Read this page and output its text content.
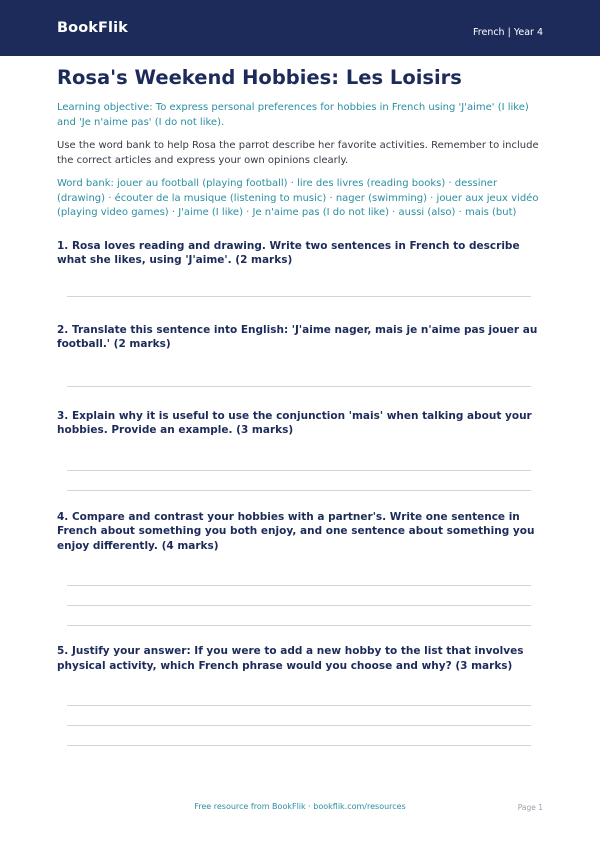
BookFlik	French | Year 4
Rosa's Weekend Hobbies: Les Loisirs
Learning objective: To express personal preferences for hobbies in French using 'J'aime' (I like) and 'Je n'aime pas' (I do not like).
Use the word bank to help Rosa the parrot describe her favorite activities. Remember to include the correct articles and express your own opinions clearly.
Word bank: jouer au football (playing football) · lire des livres (reading books) · dessiner (drawing) · écouter de la musique (listening to music) · nager (swimming) · jouer aux jeux vidéo (playing video games) · J'aime (I like) · Je n'aime pas (I do not like) · aussi (also) · mais (but)
1. Rosa loves reading and drawing. Write two sentences in French to describe what she likes, using 'J'aime'. (2 marks)
2. Translate this sentence into English: 'J'aime nager, mais je n'aime pas jouer au football.' (2 marks)
3. Explain why it is useful to use the conjunction 'mais' when talking about your hobbies. Provide an example. (3 marks)
4. Compare and contrast your hobbies with a partner's. Write one sentence in French about something you both enjoy, and one sentence about something you enjoy differently. (4 marks)
5. Justify your answer: If you were to add a new hobby to the list that involves physical activity, which French phrase would you choose and why? (3 marks)
Free resource from BookFlik · bookflik.com/resources	Page 1
